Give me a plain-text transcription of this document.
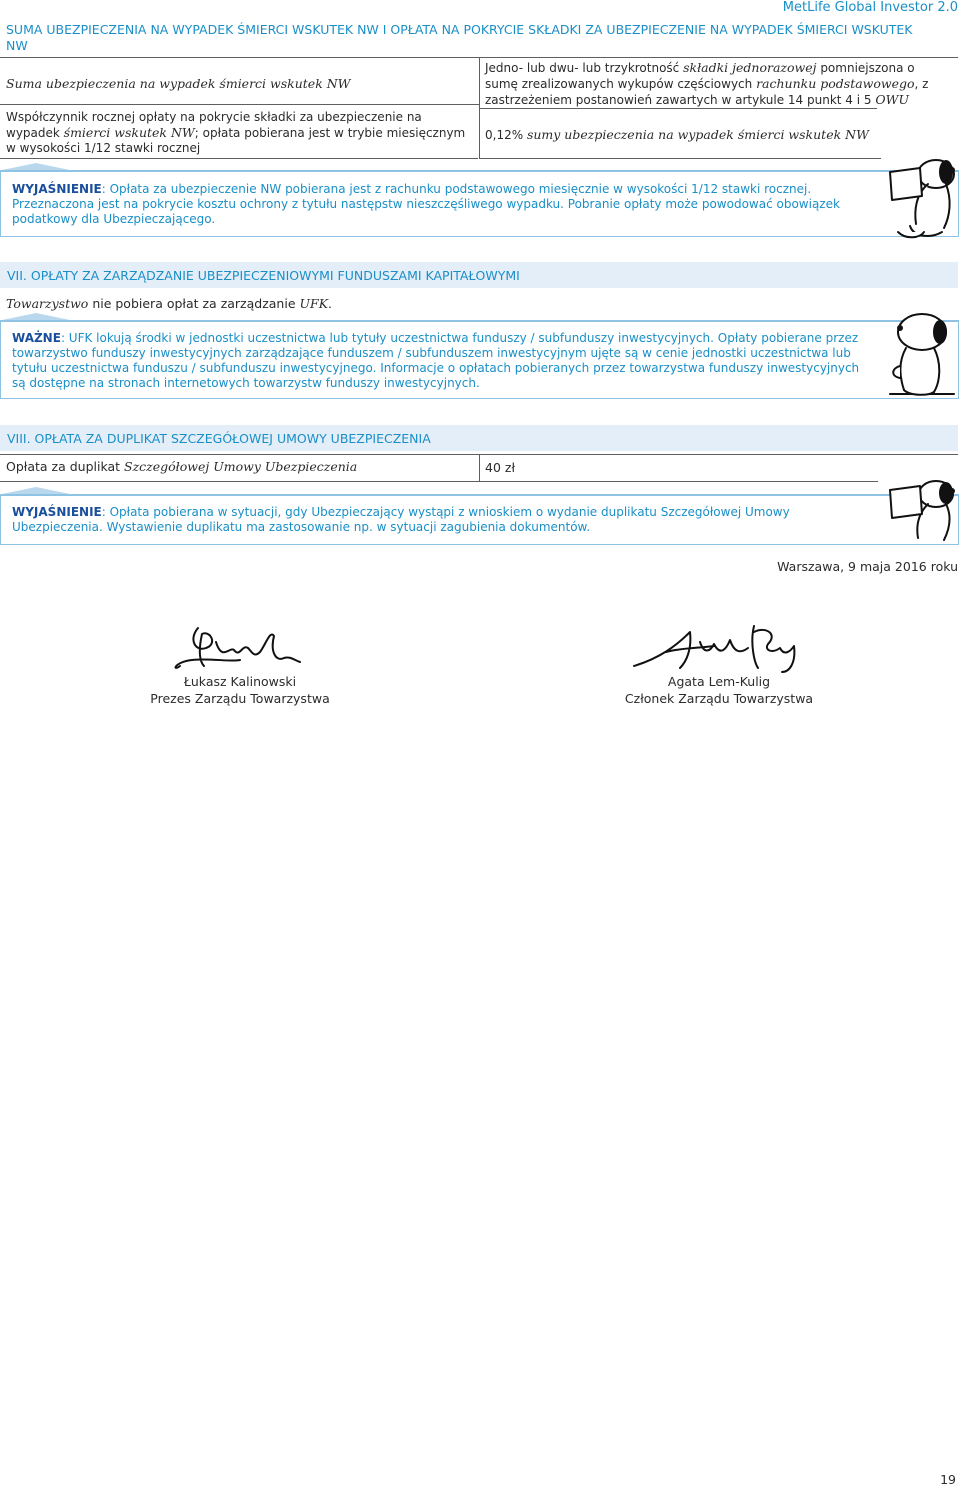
MetLife Global Investor 2.0
SUMA UBEZPIECZENIA NA WYPADEK ŚMIERCI WSKUTEK NW I OPŁATA NA POKRYCIE SKŁADKI ZA UBEZPIECZENIE NA WYPADEK ŚMIERCI WSKUTEK NW
Suma ubezpieczenia na wypadek śmierci wskutek NW
Jedno- lub dwu- lub trzykrotność składki jednorazowej pomniejszona o sumę zrealizowanych wykupów częściowych rachunku podstawowego, z zastrzeżeniem postanowień zawartych w artykule 14 punkt 4 i 5 OWU
Współczynnik rocznej opłaty na pokrycie składki za ubezpieczenie na wypadek śmierci wskutek NW; opłata pobierana jest w trybie miesięcznym w wysokości 1/12 stawki rocznej
0,12% sumy ubezpieczenia na wypadek śmierci wskutek NW
WYJAŚNIENIE: Opłata za ubezpieczenie NW pobierana jest z rachunku podstawowego miesięcznie w wysokości 1/12 stawki rocznej. Przeznaczona jest na pokrycie kosztu ochrony z tytułu następstw nieszczęśliwego wypadku. Pobranie opłaty może powodować obowiązek podatkowy dla Ubezpieczającego.
VII. OPŁATY ZA ZARZĄDZANIE UBEZPIECZENIOWYMI FUNDUSZAMI KAPITAŁOWYMI
Towarzystwo nie pobiera opłat za zarządzanie UFK.
WAŻNE: UFK lokują środki w jednostki uczestnictwa lub tytuły uczestnictwa funduszy / subfunduszy inwestycyjnych. Opłaty pobierane przez towarzystwo funduszy inwestycyjnych zarządzające funduszem / subfunduszem inwestycyjnym ujęte są w cenie jednostki uczestnictwa lub tytułu uczestnictwa funduszu / subfunduszu inwestycyjnego. Informacje o opłatach pobieranych przez towarzystwa funduszy inwestycyjnych są dostępne na stronach internetowych towarzystw funduszy inwestycyjnych.
VIII. OPŁATA ZA DUPLIKAT SZCZEGÓŁOWEJ UMOWY UBEZPIECZENIA
Opłata za duplikat Szczegółowej Umowy Ubezpieczenia	40 zł
WYJAŚNIENIE: Opłata pobierana w sytuacji, gdy Ubezpieczający wystąpi z wnioskiem o wydanie duplikatu Szczegółowej Umowy Ubezpieczenia. Wystawienie duplikatu ma zastosowanie np. w sytuacji zagubienia dokumentów.
Warszawa, 9 maja 2016 roku
Łukasz Kalinowski
Prezes Zarządu Towarzystwa
Agata Lem-Kulig
Członek Zarządu Towarzystwa
19
